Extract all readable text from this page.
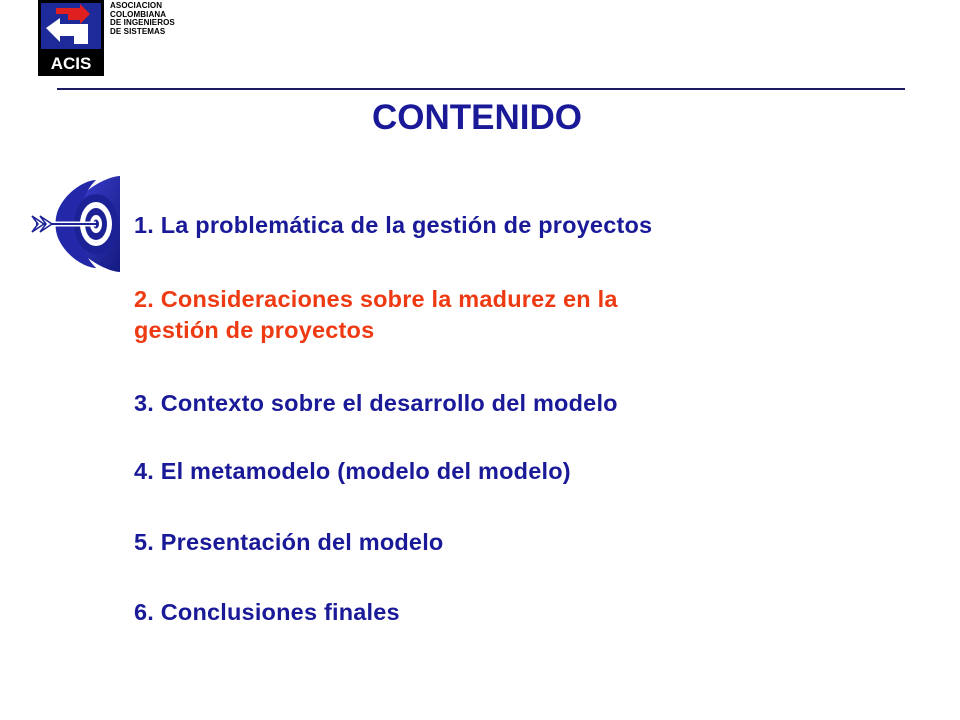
ACIS
ASOCIACION
COLOMBIANA
DE INGENIEROS
DE SISTEMAS
CONTENIDO
1. La problemática de la gestión de proyectos
2. Consideraciones sobre la madurez en la
gestión de proyectos
3. Contexto sobre el desarrollo del modelo
4. El metamodelo (modelo del modelo)
5. Presentación del modelo
6. Conclusiones finales
